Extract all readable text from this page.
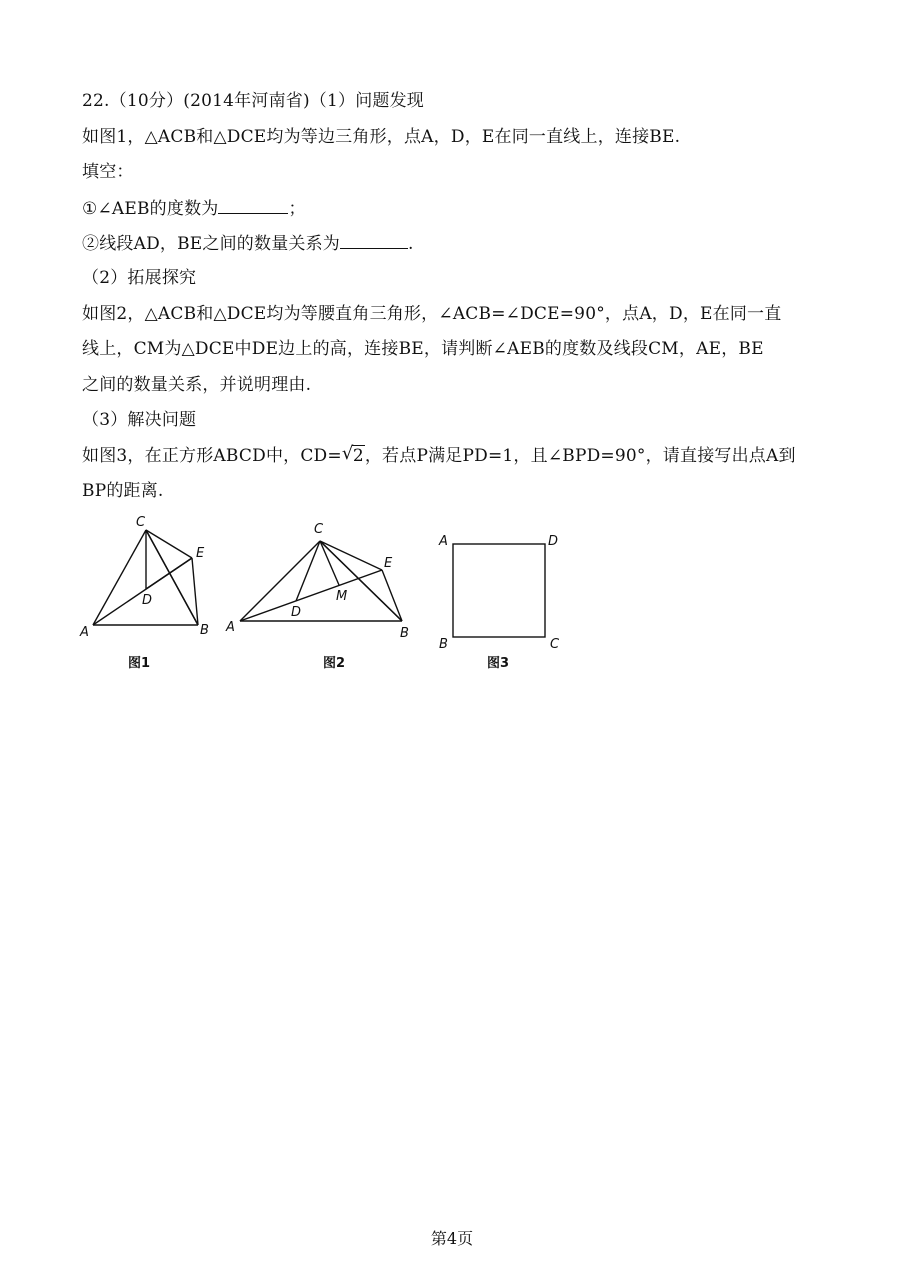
22.（10分）(2014年河南省)（1）问题发现
如图1，△ACB和△DCE均为等边三角形，点A，D，E在同一直线上，连接BE.
填空：
①∠AEB的度数为	；
②线段AD，BE之间的数量关系为	.
（2）拓展探究
如图2，△ACB和△DCE均为等腰直角三角形，∠ACB=∠DCE=90°，点A，D，E在同一直
线上，CM为△DCE中DE边上的高，连接BE，请判断∠AEB的度数及线段CM，AE，BE
之间的数量关系，并说明理由.
（3）解决问题
如图3，在正方形ABCD中，CD= √ 2，若点P满足PD=1，且∠BPD=90°，请直接写出点A到
BP的距离.
C
E
D
A	B
C
E
M
D
A	B
A	D
B	C
图1	图2	图3
第4页
